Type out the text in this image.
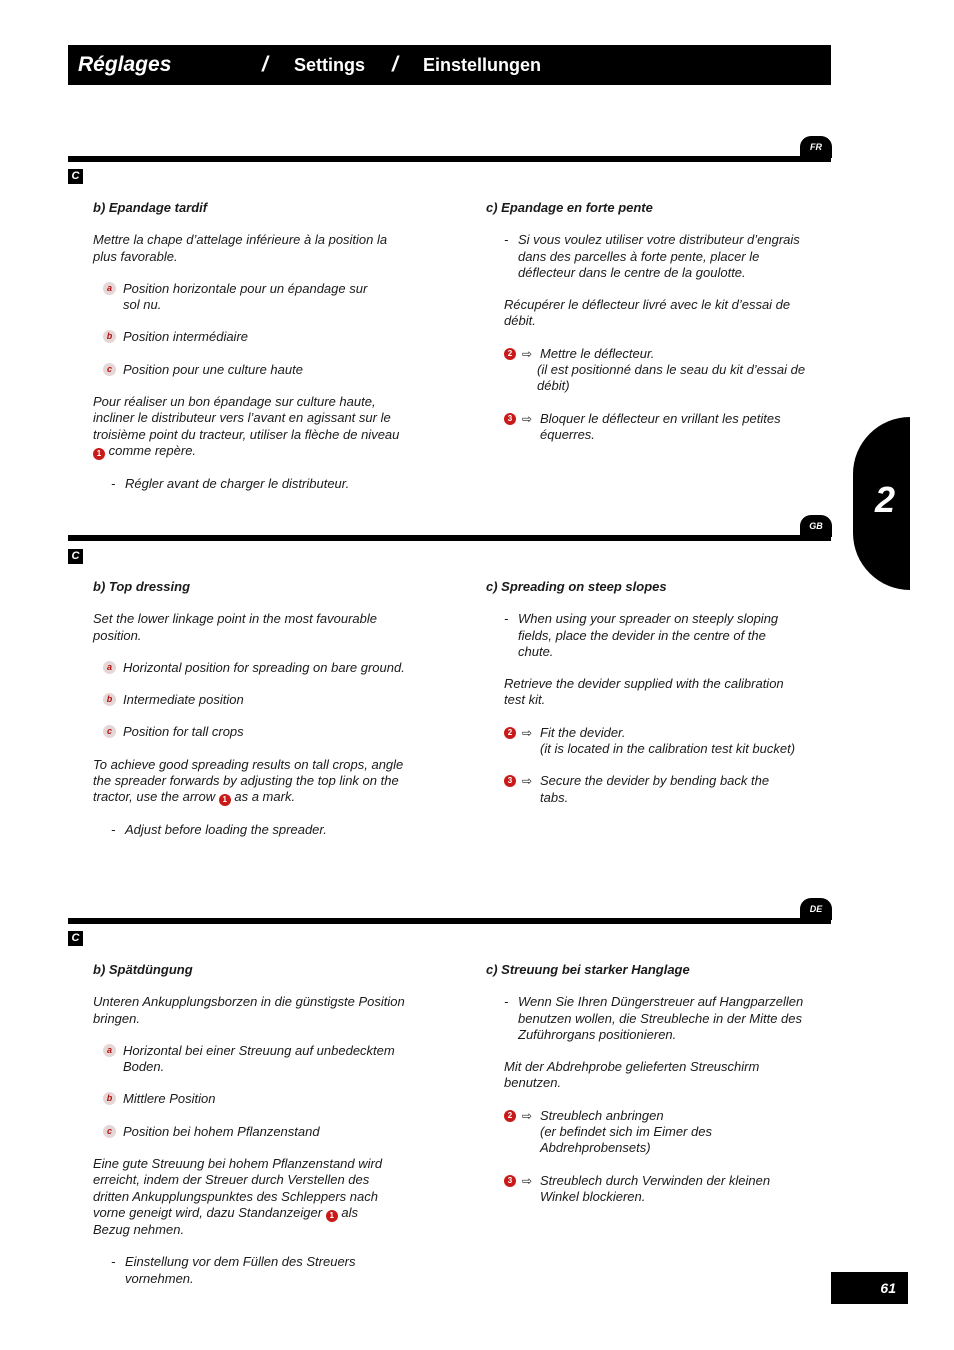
Réglages	/ Settings / Einstellungen
2
FR
C

b) Epandage tardif

Mettre la chape d’attelage inférieure à la position la plus favorable.

a Position horizontale pour un épandage sur sol nu.

b Position intermédiaire

c Position pour une culture haute

Pour réaliser un bon épandage sur culture haute, incliner le distributeur vers l’avant en agissant sur le troisième point du tracteur, utiliser la flèche de niveau 1 comme repère.

- Régler avant de charger le distributeur.

c) Epandage en forte pente

- Si vous voulez utiliser votre distributeur d’engrais dans des parcelles à forte pente, placer le déflecteur dans le centre de la goulotte.

Récupérer le déflecteur livré avec le kit d’essai de débit.

2 ⇨ Mettre le déflecteur.

(il est positionné dans le seau du kit d’essai de débit)

3 ⇨ Bloquer le déflecteur en vrillant les petites équerres.

GB
C

b) Top dressing

Set the lower linkage point in the most favourable position.

a Horizontal position for spreading on bare ground.

b Intermediate position

c Position for tall crops

To achieve good spreading results on tall crops, angle the spreader forwards by adjusting the top link on the tractor, use the arrow 1 as a mark.

- Adjust before loading the spreader.

c) Spreading on steep slopes

- When using your spreader on steeply sloping fields, place the devider in the centre of the chute.

Retrieve the devider supplied with the calibration test kit.

2 ⇨ Fit the devider.

(it is located in the calibration test kit bucket)

3 ⇨ Secure the devider by bending back the tabs.

DE
C

b) Spätdüngung

Unteren Ankupplungsborzen in die günstigste Position bringen.

a Horizontal bei einer Streuung auf unbedecktem Boden.

b Mittlere Position

c Position bei hohem Pflanzenstand

Eine gute Streuung bei hohem Pflanzenstand wird erreicht, indem der Streuer durch Verstellen des dritten Ankupplungspunktes des Schleppers nach vorne geneigt wird, dazu Standanzeiger 1 als Bezug nehmen.

- Einstellung vor dem Füllen des Streuers vornehmen.

c) Streuung bei starker Hanglage

- Wenn Sie Ihren Düngerstreuer auf Hangparzellen benutzen wollen, die Streubleche in der Mitte des Zuführorgans positionieren.

Mit der Abdrehprobe gelieferten Streuschirm benutzen.

2 ⇨ Streublech anbringen

(er befindet sich im Eimer des Abdrehprobensets)

3 ⇨ Streublech durch Verwinden der kleinen Winkel blockieren.

61
